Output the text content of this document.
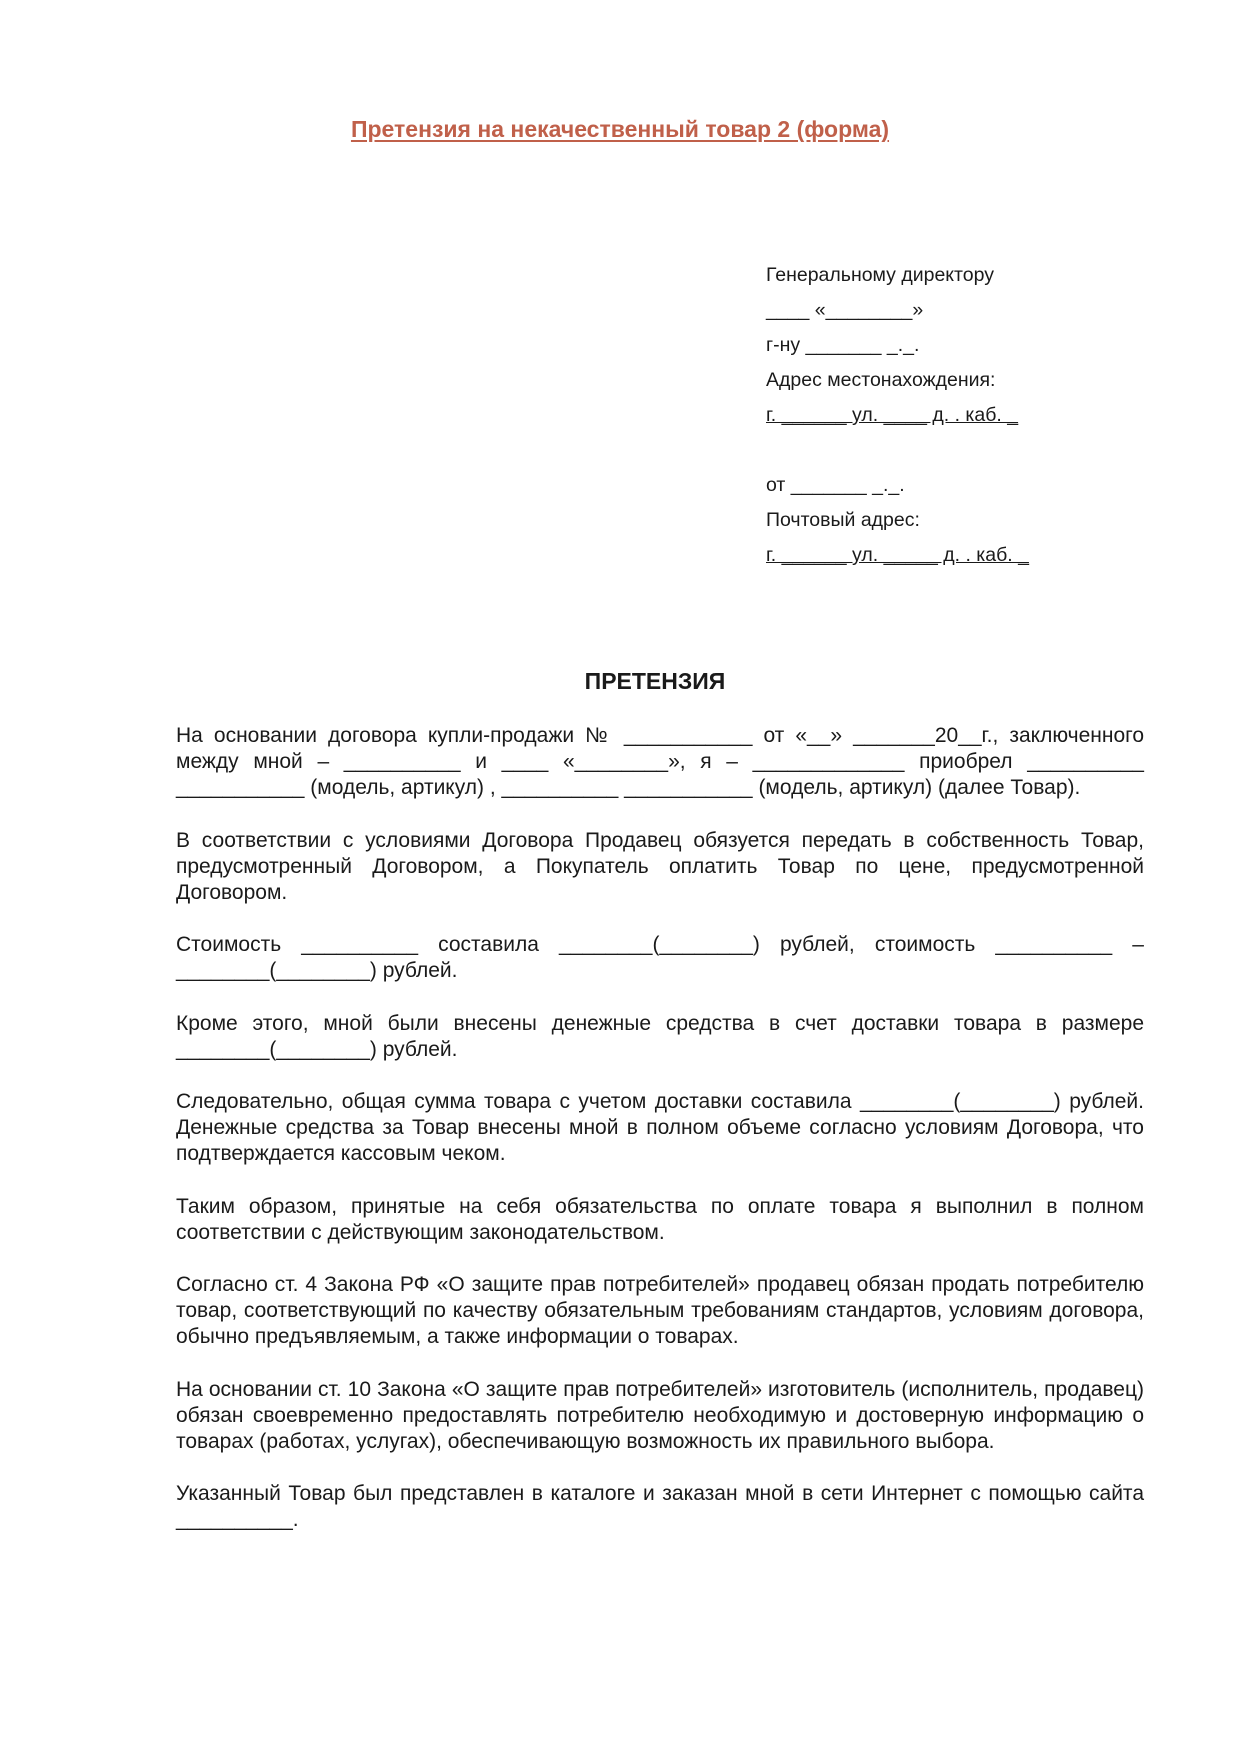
Претензия на некачественный товар 2 (форма)
Генеральному директору
____ «________»
г-ну _______ _._.
Адрес местонахождения:
г. ______ ул. ____ д. . каб. _
от _______ _._.
Почтовый адрес:
г. ______ ул. _____ д. . каб. _
ПРЕТЕНЗИЯ

На основании договора купли-продажи № ___________ от «__» _______20__г., заключенного между мной – __________ и ____ «________», я – _____________ приобрел __________ ___________ (модель, артикул) , __________ ___________ (модель, артикул) (далее Товар).

В соответствии с условиями Договора Продавец обязуется передать в собственность Товар, предусмотренный Договором, а Покупатель оплатить Товар по цене, предусмотренной Договором.

Стоимость __________ составила ________(________) рублей, стоимость __________ – ________(________) рублей.

Кроме этого, мной были внесены денежные средства в счет доставки товара в размере ________(________) рублей.

Следовательно, общая сумма товара с учетом доставки составила ________(________) рублей. Денежные средства за Товар внесены мной в полном объеме согласно условиям Договора, что подтверждается кассовым чеком.

Таким образом, принятые на себя обязательства по оплате товара я выполнил в полном соответствии с действующим законодательством.

Согласно ст. 4 Закона РФ «О защите прав потребителей» продавец обязан продать потребителю товар, соответствующий по качеству обязательным требованиям стандартов, условиям договора, обычно предъявляемым, а также информации о товарах.

На основании ст. 10 Закона «О защите прав потребителей» изготовитель (исполнитель, продавец) обязан своевременно предоставлять потребителю необходимую и достоверную информацию о товарах (работах, услугах), обеспечивающую возможность их правильного выбора.

Указанный Товар был представлен в каталоге и заказан мной в сети Интернет с помощью сайта __________.
